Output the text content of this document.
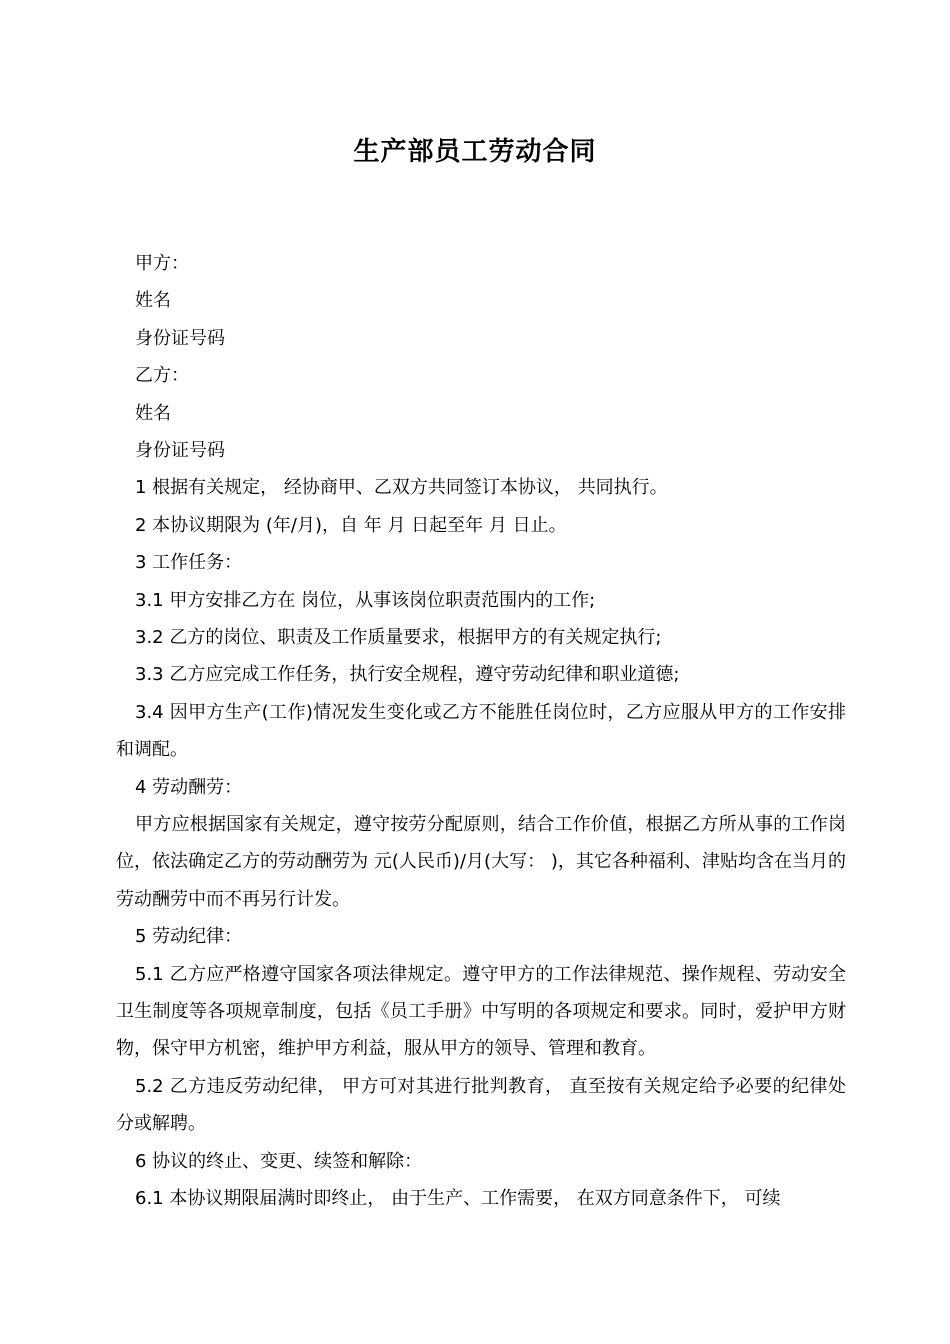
生产部员工劳动合同
甲方：
姓名
身份证号码
乙方：
姓名
身份证号码
1 根据有关规定， 经协商甲、乙双方共同签订本协议， 共同执行。
2 本协议期限为 (年/月)，自 年 月 日起至年 月 日止。
3 工作任务：
3.1 甲方安排乙方在 岗位，从事该岗位职责范围内的工作;
3.2 乙方的岗位、职责及工作质量要求，根据甲方的有关规定执行;
3.3 乙方应完成工作任务，执行安全规程，遵守劳动纪律和职业道德;
3.4 因甲方生产(工作)情况发生变化或乙方不能胜任岗位时，乙方应服从甲方的工作安排和调配。
4 劳动酬劳：
甲方应根据国家有关规定，遵守按劳分配原则，结合工作价值，根据乙方所从事的工作岗位，依法确定乙方的劳动酬劳为 元(人民币)/月(大写： )，其它各种福利、津贴均含在当月的劳动酬劳中而不再另行计发。
5 劳动纪律：
5.1 乙方应严格遵守国家各项法律规定。遵守甲方的工作法律规范、操作规程、劳动安全卫生制度等各项规章制度，包括《员工手册》中写明的各项规定和要求。同时，爱护甲方财物，保守甲方机密，维护甲方利益，服从甲方的领导、管理和教育。
5.2 乙方违反劳动纪律， 甲方可对其进行批判教育， 直至按有关规定给予必要的纪律处分或解聘。
6 协议的终止、变更、续签和解除：
6.1 本协议期限届满时即终止， 由于生产、工作需要， 在双方同意条件下， 可续
